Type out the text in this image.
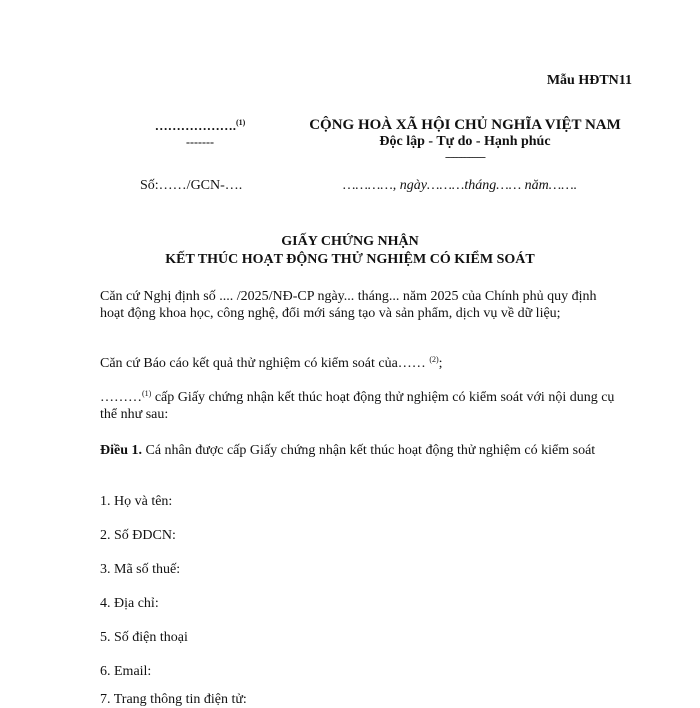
Mẫu HĐTN11
……………….$^{(1)}$
-------
CỘNG HOÀ XÃ HỘI CHỦ NGHĨA VIỆT NAM
Độc lập - Tự do - Hạnh phúc
---------------
Số:……/GCN-….	…………, ngày………tháng…… năm…….
GIẤY CHỨNG NHẬN
KẾT THÚC HOẠT ĐỘNG THỬ NGHIỆM CÓ KIỂM SOÁT
Căn cứ Nghị định số .... /2025/NĐ-CP ngày... tháng... năm 2025 của Chính phủ quy định hoạt động khoa học, công nghệ, đổi mới sáng tạo và sản phẩm, dịch vụ về dữ liệu;
Căn cứ Báo cáo kết quả thử nghiệm có kiểm soát của…… $^{(2)}$;
………$^{(1)}$ cấp Giấy chứng nhận kết thúc hoạt động thử nghiệm có kiểm soát với nội dung cụ thể như sau:
Điều 1. Cá nhân được cấp Giấy chứng nhận kết thúc hoạt động thử nghiệm có kiểm soát
1. Họ và tên:
2. Số ĐDCN:
3. Mã số thuế:
4. Địa chỉ:
5. Số điện thoại
6. Email:
7. Trang thông tin điện tử:
